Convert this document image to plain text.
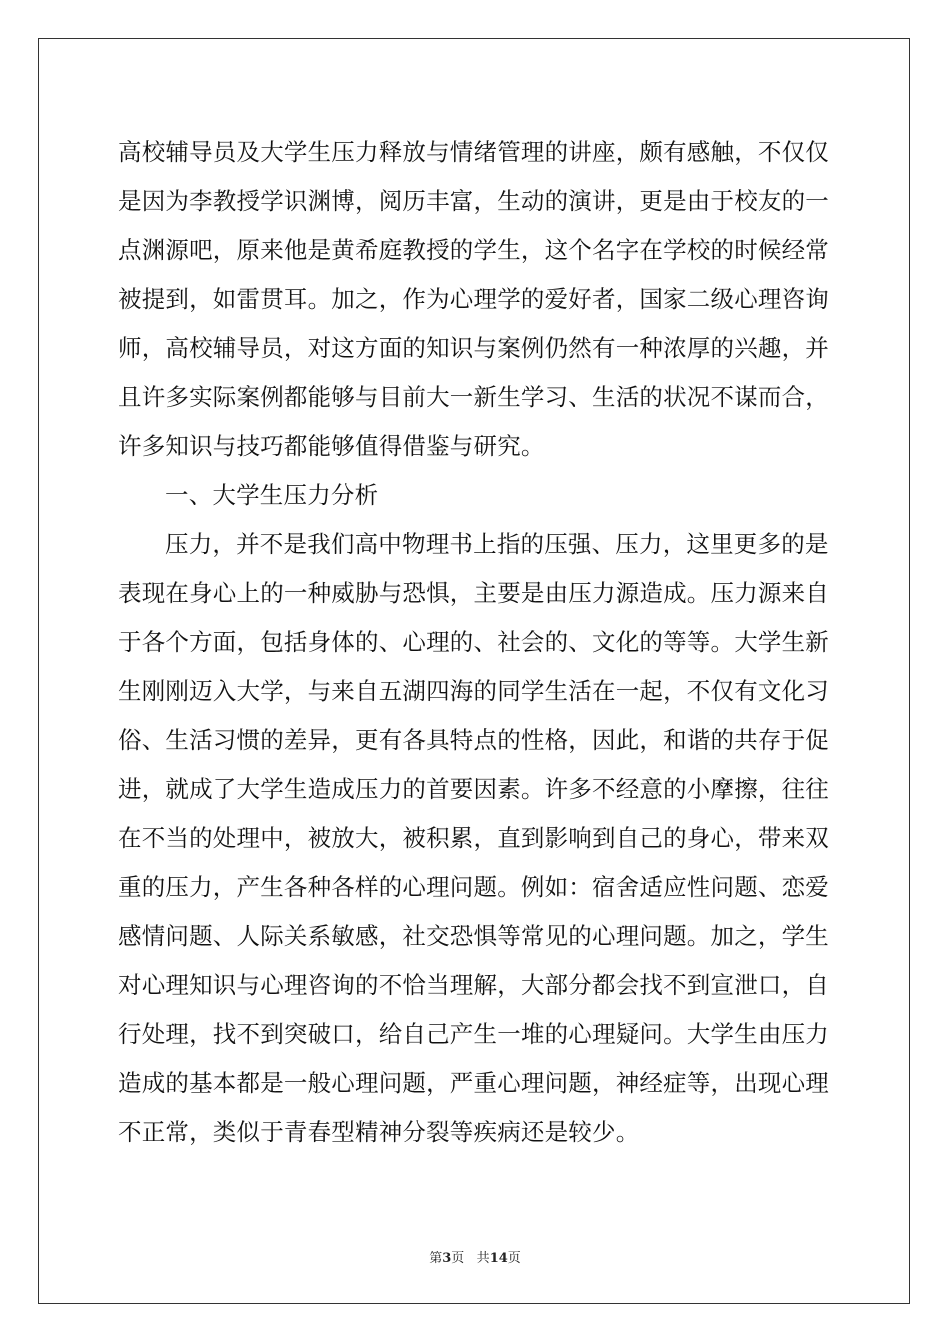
高校辅导员及大学生压力释放与情绪管理的讲座，颇有感触，不仅仅
是因为李教授学识渊博，阅历丰富，生动的演讲，更是由于校友的一
点渊源吧，原来他是黄希庭教授的学生，这个名字在学校的时候经常
被提到，如雷贯耳。加之，作为心理学的爱好者，国家二级心理咨询
师，高校辅导员，对这方面的知识与案例仍然有一种浓厚的兴趣，并
且许多实际案例都能够与目前大一新生学习、生活的状况不谋而合，
许多知识与技巧都能够值得借鉴与研究。
一、大学生压力分析
压力，并不是我们高中物理书上指的压强、压力，这里更多的是
表现在身心上的一种威胁与恐惧，主要是由压力源造成。压力源来自
于各个方面，包括身体的、心理的、社会的、文化的等等。大学生新
生刚刚迈入大学，与来自五湖四海的同学生活在一起，不仅有文化习
俗、生活习惯的差异，更有各具特点的性格，因此，和谐的共存于促
进，就成了大学生造成压力的首要因素。许多不经意的小摩擦，往往
在不当的处理中，被放大，被积累，直到影响到自己的身心，带来双
重的压力，产生各种各样的心理问题。例如：宿舍适应性问题、恋爱
感情问题、人际关系敏感，社交恐惧等常见的心理问题。加之，学生
对心理知识与心理咨询的不恰当理解，大部分都会找不到宣泄口，自
行处理，找不到突破口，给自己产生一堆的心理疑问。大学生由压力
造成的基本都是一般心理问题，严重心理问题，神经症等，出现心理
不正常，类似于青春型精神分裂等疾病还是较少。
第3页 共14页
